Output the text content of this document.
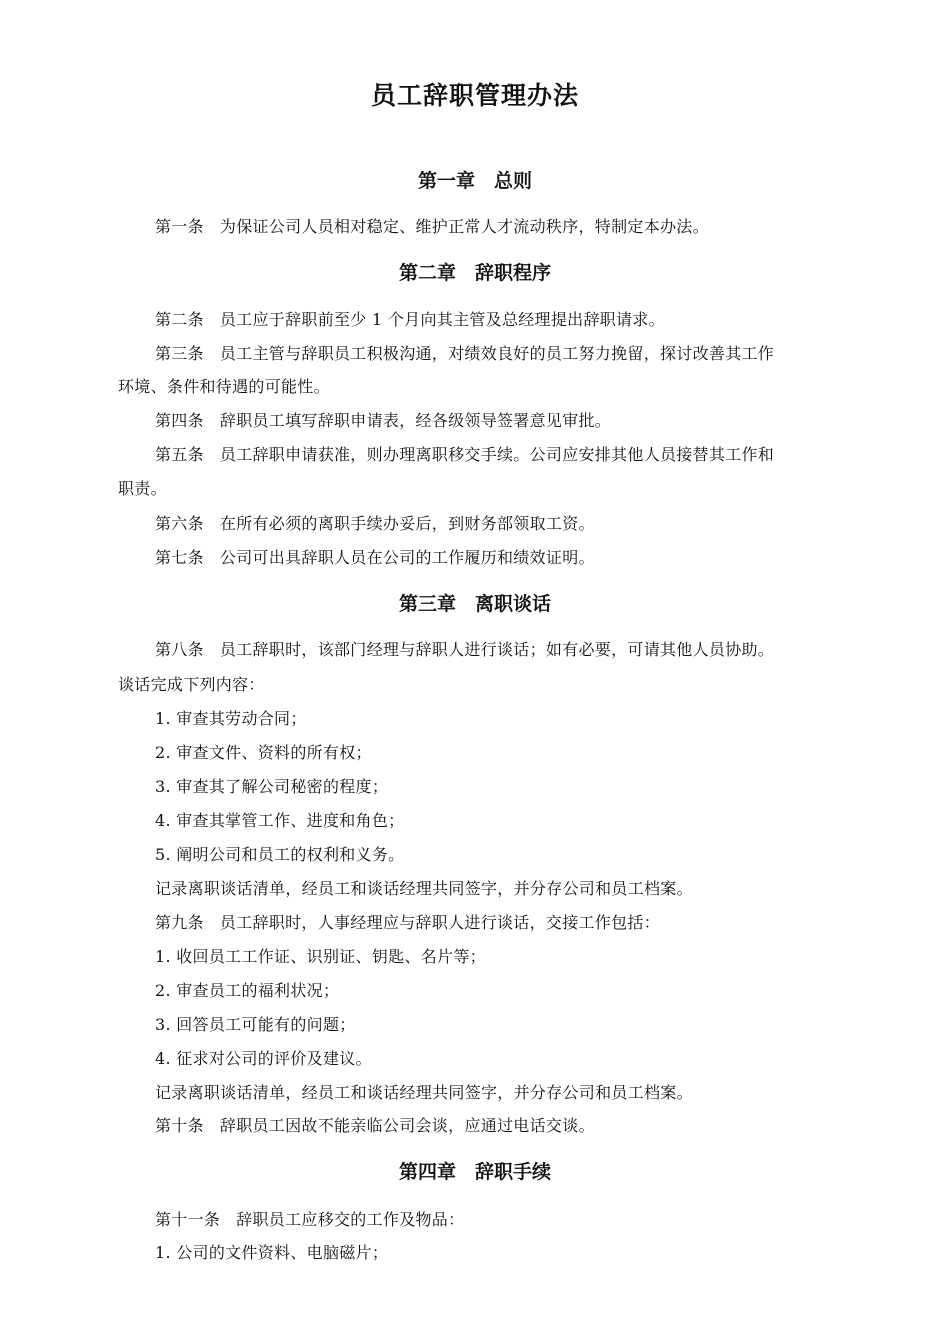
员工辞职管理办法
第一章　总则
第一条 为保证公司人员相对稳定、维护正常人才流动秩序，特制定本办法。
第二章　辞职程序
第二条 员工应于辞职前至少 1 个月向其主管及总经理提出辞职请求。
第三条 员工主管与辞职员工积极沟通，对绩效良好的员工努力挽留，探讨改善其工作
环境、条件和待遇的可能性。
第四条 辞职员工填写辞职申请表，经各级领导签署意见审批。
第五条 员工辞职申请获准，则办理离职移交手续。公司应安排其他人员接替其工作和
职责。
第六条 在所有必须的离职手续办妥后，到财务部领取工资。
第七条 公司可出具辞职人员在公司的工作履历和绩效证明。
第三章　离职谈话
第八条 员工辞职时，该部门经理与辞职人进行谈话；如有必要，可请其他人员协助。
谈话完成下列内容：
1. 审查其劳动合同；
2. 审查文件、资料的所有权；
3. 审查其了解公司秘密的程度；
4. 审查其掌管工作、进度和角色；
5. 阐明公司和员工的权利和义务。
记录离职谈话清单，经员工和谈话经理共同签字，并分存公司和员工档案。
第九条 员工辞职时，人事经理应与辞职人进行谈话，交接工作包括：
1. 收回员工工作证、识别证、钥匙、名片等；
2. 审查员工的福利状况；
3. 回答员工可能有的问题；
4. 征求对公司的评价及建议。
记录离职谈话清单，经员工和谈话经理共同签字，并分存公司和员工档案。
第十条 辞职员工因故不能亲临公司会谈，应通过电话交谈。
第四章　辞职手续
第十一条 辞职员工应移交的工作及物品：
1. 公司的文件资料、电脑磁片；
